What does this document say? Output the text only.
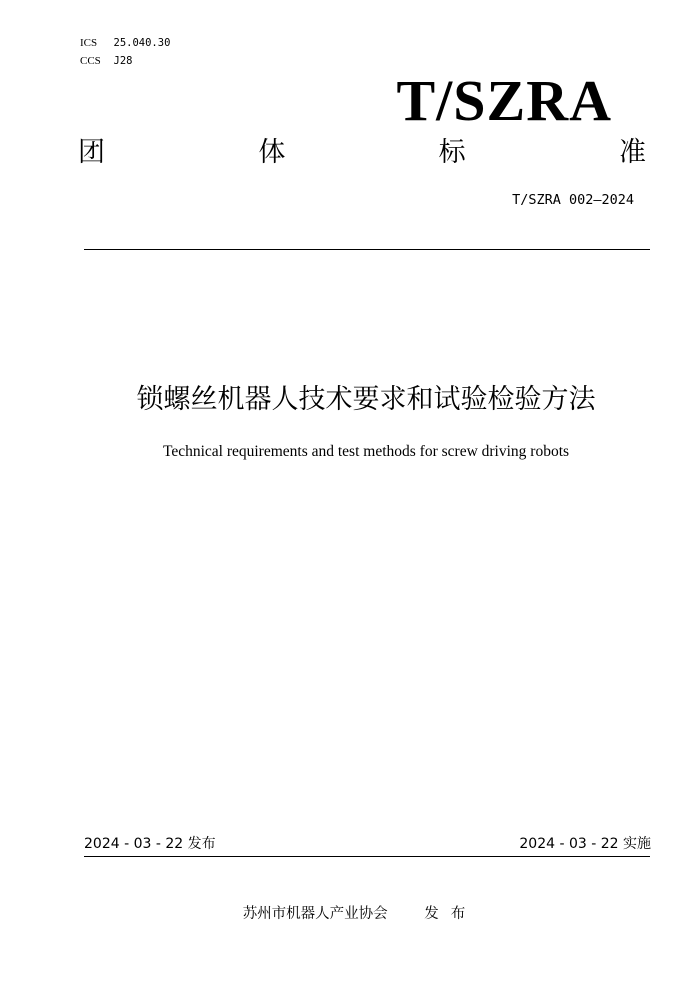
ICS 25.040.30
CCS J28
T/SZRA
团	体	标	准
T/SZRA 002—2024
锁螺丝机器人技术要求和试验检验方法
Technical requirements and test methods for screw driving robots
2024 - 03 - 22 发布	2024 - 03 - 22 实施
苏州市机器人产业协会	发布
